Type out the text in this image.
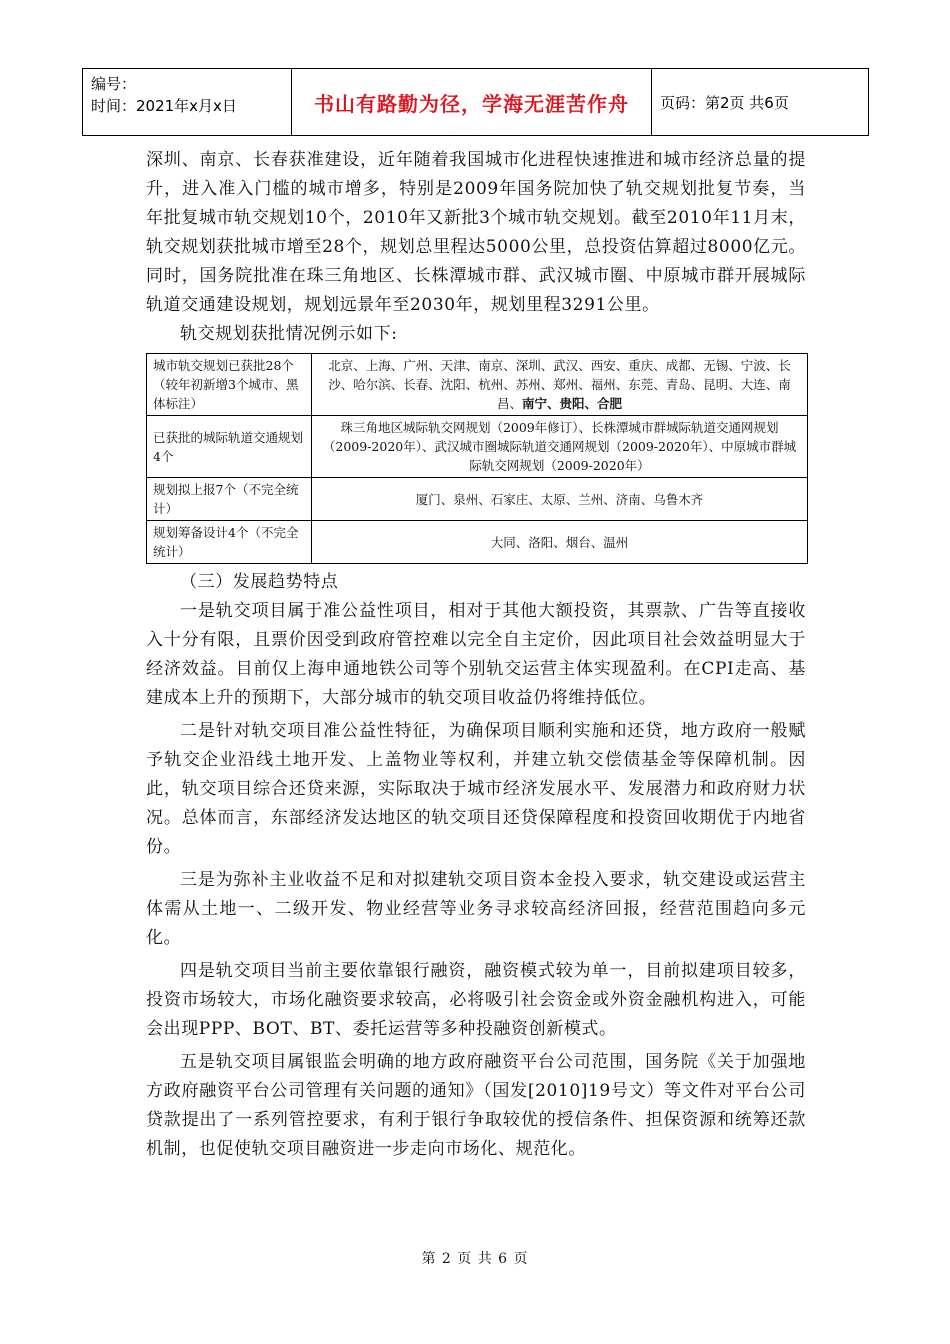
编号：
时间：2021年x月x日	书山有路勤为径，学海无涯苦作舟	页码：第2页 共6页

深圳、南京、长春获准建设，近年随着我国城市化进程快速推进和城市经济总量的提升，进入准入门槛的城市增多，特别是2009年国务院加快了轨交规划批复节奏，当年批复城市轨交规划10个，2010年又新批3个城市轨交规划。截至2010年11月末，轨交规划获批城市增至28个，规划总里程达5000公里，总投资估算超过8000亿元。同时，国务院批准在珠三角地区、长株潭城市群、武汉城市圈、中原城市群开展城际轨道交通建设规划，规划远景年至2030年，规划里程3291公里。

轨交规划获批情况例示如下:

城市轨交规划已获批28个（较年初新增3个城市、黑体标注）	北京、上海、广州、天津、南京、深圳、武汉、西安、重庆、成都、无锡、宁波、长沙、哈尔滨、长春、沈阳、杭州、苏州、郑州、福州、东莞、青岛、昆明、大连、南昌、南宁、贵阳、合肥
已获批的城际轨道交通规划4个	珠三角地区城际轨交网规划（2009年修订）、长株潭城市群城际轨道交通网规划（2009-2020年）、武汉城市圈城际轨道交通网规划（2009-2020年）、中原城市群城际轨交网规划（2009-2020年）
规划拟上报7个（不完全统计）	厦门、泉州、石家庄、太原、兰州、济南、乌鲁木齐
规划筹备设计4个（不完全统计）	大同、洛阳、烟台、温州

（三）发展趋势特点

一是轨交项目属于准公益性项目，相对于其他大额投资，其票款、广告等直接收入十分有限，且票价因受到政府管控难以完全自主定价，因此项目社会效益明显大于经济效益。目前仅上海申通地铁公司等个别轨交运营主体实现盈利。在CPI走高、基建成本上升的预期下，大部分城市的轨交项目收益仍将维持低位。

二是针对轨交项目准公益性特征，为确保项目顺利实施和还贷，地方政府一般赋予轨交企业沿线土地开发、上盖物业等权利，并建立轨交偿债基金等保障机制。因此，轨交项目综合还贷来源，实际取决于城市经济发展水平、发展潜力和政府财力状况。总体而言，东部经济发达地区的轨交项目还贷保障程度和投资回收期优于内地省份。

三是为弥补主业收益不足和对拟建轨交项目资本金投入要求，轨交建设或运营主体需从土地一、二级开发、物业经营等业务寻求较高经济回报，经营范围趋向多元化。

四是轨交项目当前主要依靠银行融资，融资模式较为单一，目前拟建项目较多，投资市场较大，市场化融资要求较高，必将吸引社会资金或外资金融机构进入，可能会出现PPP、BOT、BT、委托运营等多种投融资创新模式。

五是轨交项目属银监会明确的地方政府融资平台公司范围，国务院《关于加强地方政府融资平台公司管理有关问题的通知》（国发[2010]19号文）等文件对平台公司贷款提出了一系列管控要求，有利于银行争取较优的授信条件、担保资源和统筹还款机制，也促使轨交项目融资进一步走向市场化、规范化。

第 2 页 共 6 页
